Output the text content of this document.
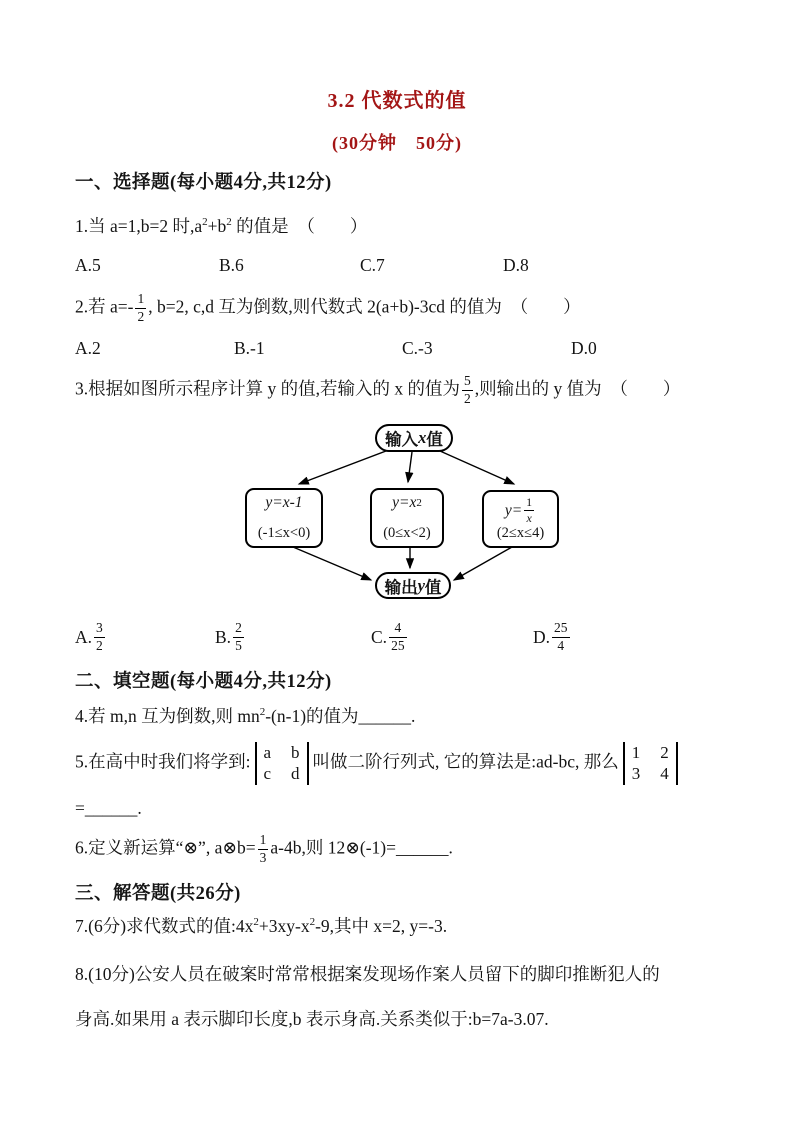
3.2 代数式的值
(30分钟　50分)
一、选择题(每小题4分,共12分)
1.当 a=1,b=2 时$,a^2+b^2$ 的值是　（　　）
A.5	B.6	C.7	D.8
2.若 $a=- \frac{1}{2}$ , b=2, c,d 互为倒数,则代数式 2(a+b)-3cd 的值为　（　　）
A.2	B.-1	C.-3	D.0
3.根据如图所示程序计算 y 的值,若输入的 x 的值为 $\frac{5}{2}$ ,则输出的 y 值为　（　　）
输入 x 值
y=x-1
(-1≤x<0)
y=x 2
(0≤x<2)
$y= \frac{1}{x}$
(2≤x≤4)
输出 y 值
A. $\frac{3}{2}$	B. $\frac{2}{5}$	C. $\frac{4}{25}$	D. $\frac{25}{4}$
二、填空题(每小题4分,共12分)
4.若 m,n 互为倒数,则 $mn^2-(n-1)$的值为______.
5.在高中时我们将学到: a b
c d
叫做二阶行列式, 它的算法是:ad-bc, 那么 1 2
3 4
=______.
6.定义新运算“⊗”, a⊗b= $\frac{1}{3} a-4b$,则 12⊗(-1)=______.
三、解答题(共26分)
7.(6分)求代数式的值$:4x^2+3xy-x^2-9$,其中 x=2, y=-3.
8.(10分)公安人员在破案时常常根据案发现场作案人员留下的脚印推断犯人的
身高.如果用 a 表示脚印长度,b 表示身高.关系类似于:b=7a-3.07.
